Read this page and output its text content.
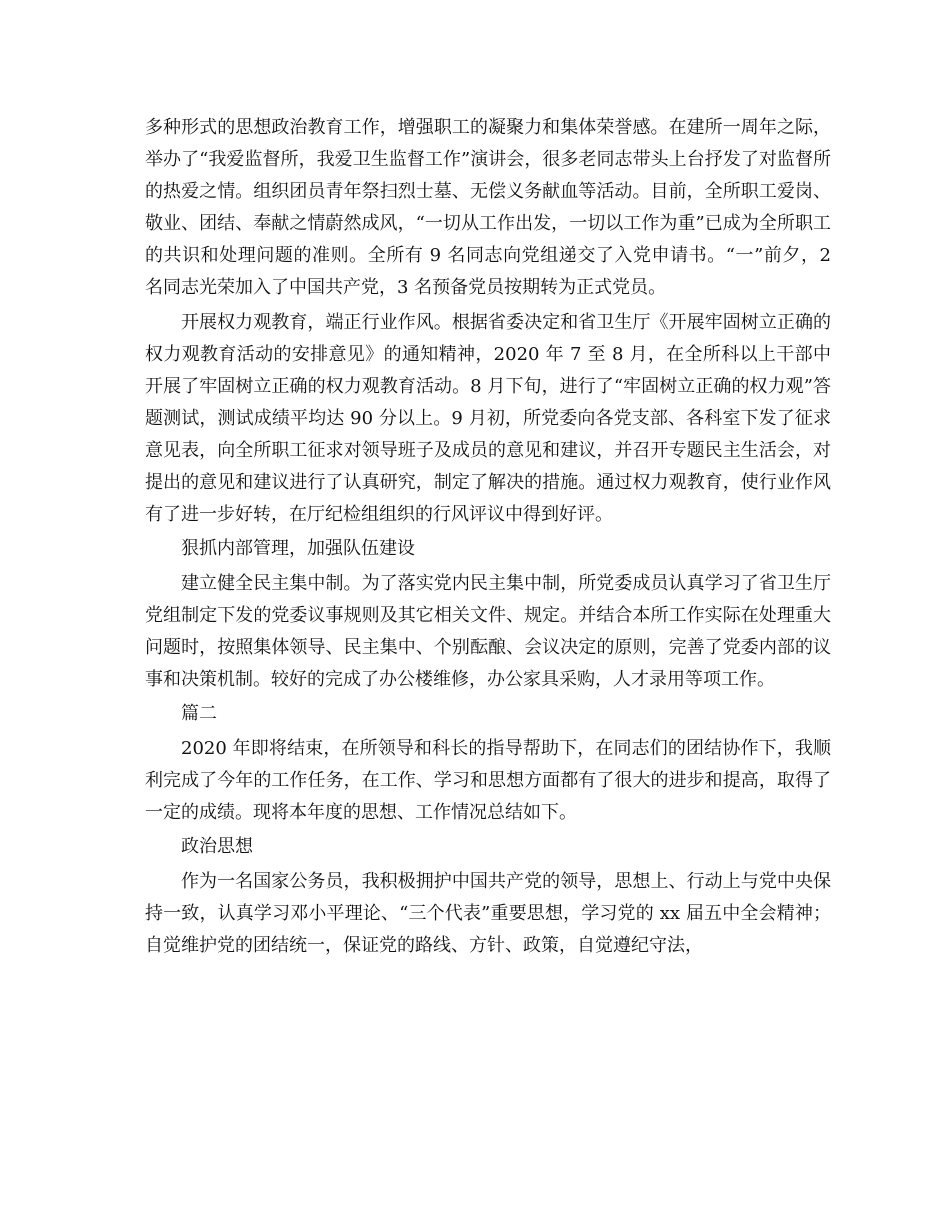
多种形式的思想政治教育工作，增强职工的凝聚力和集体荣誉感。在建所一周年之际，举办了“我爱监督所，我爱卫生监督工作”演讲会，很多老同志带头上台抒发了对监督所的热爱之情。组织团员青年祭扫烈士墓、无偿义务献血等活动。目前，全所职工爱岗、敬业、团结、奉献之情蔚然成风，“一切从工作出发，一切以工作为重”已成为全所职工的共识和处理问题的准则。全所有 9 名同志向党组递交了入党申请书。“一”前夕，2 名同志光荣加入了中国共产党，3 名预备党员按期转为正式党员。

开展权力观教育，端正行业作风。根据省委决定和省卫生厅《开展牢固树立正确的权力观教育活动的安排意见》的通知精神，2020 年 7 至 8 月，在全所科以上干部中开展了牢固树立正确的权力观教育活动。8 月下旬，进行了“牢固树立正确的权力观”答题测试，测试成绩平均达 90 分以上。9 月初，所党委向各党支部、各科室下发了征求意见表，向全所职工征求对领导班子及成员的意见和建议，并召开专题民主生活会，对提出的意见和建议进行了认真研究，制定了解决的措施。通过权力观教育，使行业作风有了进一步好转，在厅纪检组组织的行风评议中得到好评。

狠抓内部管理，加强队伍建设

建立健全民主集中制。为了落实党内民主集中制，所党委成员认真学习了省卫生厅党组制定下发的党委议事规则及其它相关文件、规定。并结合本所工作实际在处理重大问题时，按照集体领导、民主集中、个别酝酿、会议决定的原则，完善了党委内部的议事和决策机制。较好的完成了办公楼维修，办公家具采购，人才录用等项工作。

篇二

2020 年即将结束，在所领导和科长的指导帮助下，在同志们的团结协作下，我顺利完成了今年的工作任务，在工作、学习和思想方面都有了很大的进步和提高，取得了一定的成绩。现将本年度的思想、工作情况总结如下。

政治思想

作为一名国家公务员，我积极拥护中国共产党的领导，思想上、行动上与党中央保持一致，认真学习邓小平理论、“三个代表”重要思想，学习党的 xx 届五中全会精神；自觉维护党的团结统一，保证党的路线、方针、政策，自觉遵纪守法，
